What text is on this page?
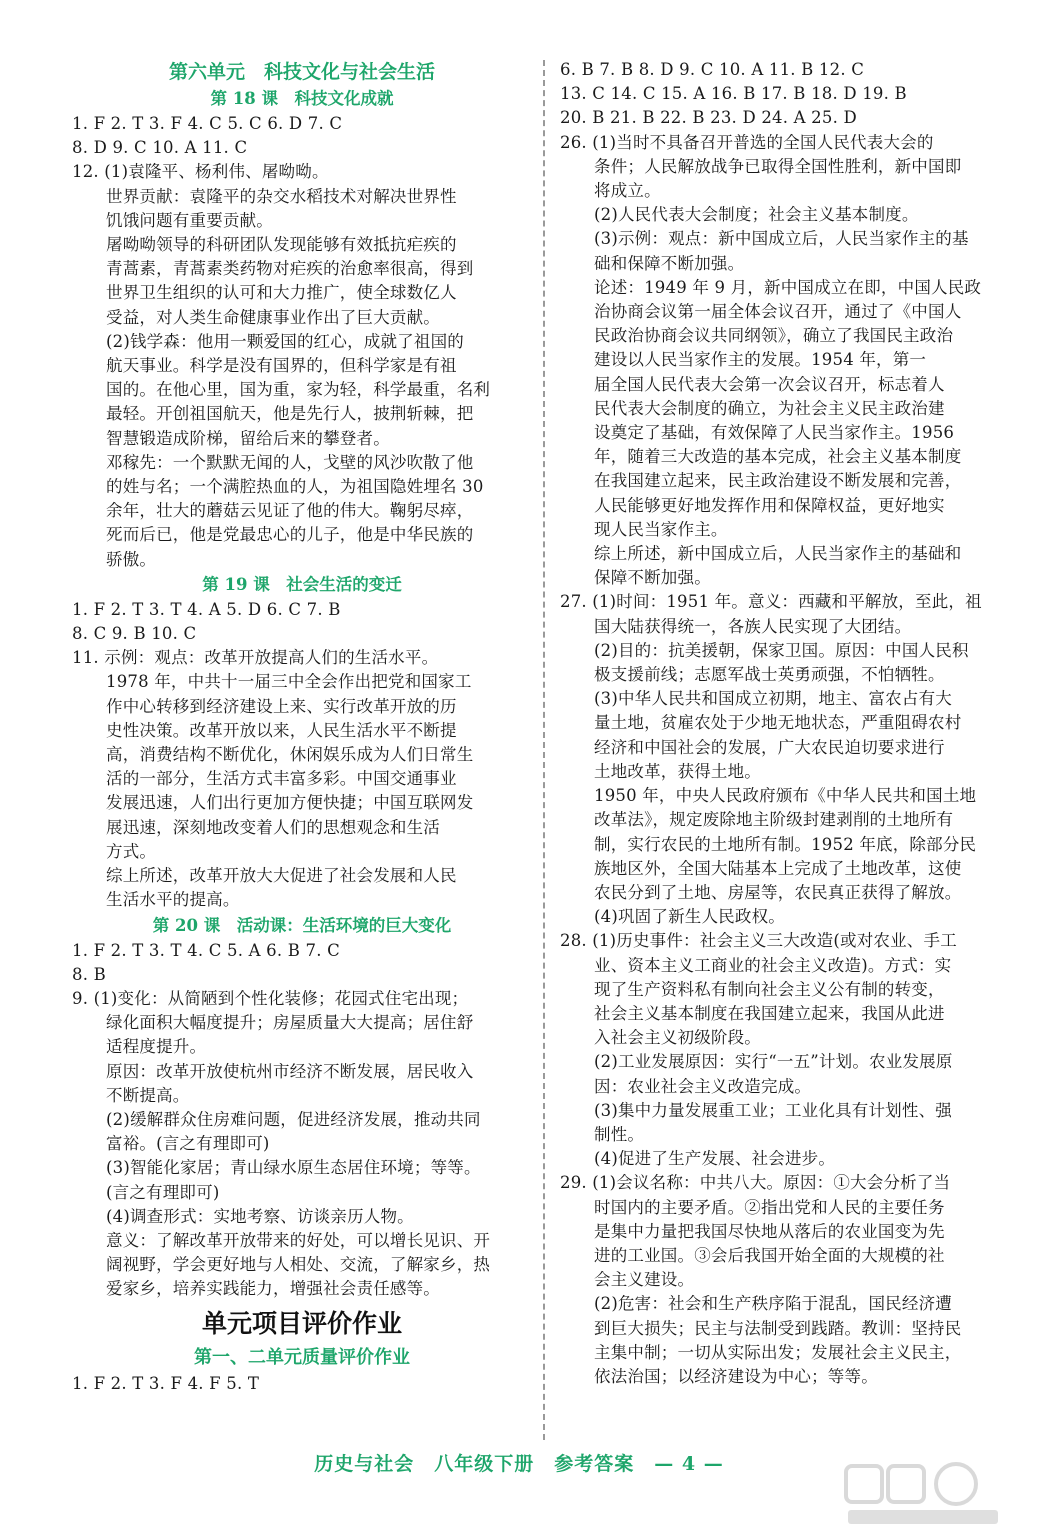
第六单元　科技文化与社会生活
第 18 课　科技文化成就
1. F 2. T 3. F 4. C 5. C 6. D 7. C
8. D 9. C 10. A 11. C
12. (1)袁隆平、杨利伟、屠呦呦。
世界贡献：袁隆平的杂交水稻技术对解决世界性
饥饿问题有重要贡献。
屠呦呦领导的科研团队发现能够有效抵抗疟疾的
青蒿素，青蒿素类药物对疟疾的治愈率很高，得到
世界卫生组织的认可和大力推广，使全球数亿人
受益，对人类生命健康事业作出了巨大贡献。
(2)钱学森：他用一颗爱国的红心，成就了祖国的
航天事业。科学是没有国界的，但科学家是有祖
国的。在他心里，国为重，家为轻，科学最重，名利
最轻。开创祖国航天，他是先行人，披荆斩棘，把
智慧锻造成阶梯，留给后来的攀登者。
邓稼先：一个默默无闻的人，戈壁的风沙吹散了他
的姓与名；一个满腔热血的人，为祖国隐姓埋名 30
余年，壮大的蘑菇云见证了他的伟大。鞠躬尽瘁，
死而后已，他是党最忠心的儿子，他是中华民族的
骄傲。
第 19 课　社会生活的变迁
1. F 2. T 3. T 4. A 5. D 6. C 7. B
8. C 9. B 10. C
11. 示例：观点：改革开放提高人们的生活水平。
1978 年，中共十一届三中全会作出把党和国家工
作中心转移到经济建设上来、实行改革开放的历
史性决策。改革开放以来，人民生活水平不断提
高，消费结构不断优化，休闲娱乐成为人们日常生
活的一部分，生活方式丰富多彩。中国交通事业
发展迅速，人们出行更加方便快捷；中国互联网发
展迅速，深刻地改变着人们的思想观念和生活
方式。
综上所述，改革开放大大促进了社会发展和人民
生活水平的提高。
第 20 课　活动课：生活环境的巨大变化
1. F 2. T 3. T 4. C 5. A 6. B 7. C
8. B
9. (1)变化：从简陋到个性化装修；花园式住宅出现；
绿化面积大幅度提升；房屋质量大大提高；居住舒
适程度提升。
原因：改革开放使杭州市经济不断发展，居民收入
不断提高。
(2)缓解群众住房难问题，促进经济发展，推动共同
富裕。(言之有理即可)
(3)智能化家居；青山绿水原生态居住环境；等等。
(言之有理即可)
(4)调查形式：实地考察、访谈亲历人物。
意义：了解改革开放带来的好处，可以增长见识、开
阔视野，学会更好地与人相处、交流，了解家乡，热
爱家乡，培养实践能力，增强社会责任感等。
单元项目评价作业
第一、二单元质量评价作业
1. F 2. T 3. F 4. F 5. T
6. B 7. B 8. D 9. C 10. A 11. B 12. C
13. C 14. C 15. A 16. B 17. B 18. D 19. B
20. B 21. B 22. B 23. D 24. A 25. D
26. (1)当时不具备召开普选的全国人民代表大会的
条件；人民解放战争已取得全国性胜利，新中国即
将成立。
(2)人民代表大会制度；社会主义基本制度。
(3)示例：观点：新中国成立后，人民当家作主的基
础和保障不断加强。
论述：1949 年 9 月，新中国成立在即，中国人民政
治协商会议第一届全体会议召开，通过了《中国人
民政治协商会议共同纲领》，确立了我国民主政治
建设以人民当家作主的发展。1954 年，第一
届全国人民代表大会第一次会议召开，标志着人
民代表大会制度的确立，为社会主义民主政治建
设奠定了基础，有效保障了人民当家作主。1956
年，随着三大改造的基本完成，社会主义基本制度
在我国建立起来，民主政治建设不断发展和完善，
人民能够更好地发挥作用和保障权益，更好地实
现人民当家作主。
综上所述，新中国成立后，人民当家作主的基础和
保障不断加强。
27. (1)时间：1951 年。意义：西藏和平解放，至此，祖
国大陆获得统一，各族人民实现了大团结。
(2)目的：抗美援朝，保家卫国。原因：中国人民积
极支援前线；志愿军战士英勇顽强，不怕牺牲。
(3)中华人民共和国成立初期，地主、富农占有大
量土地，贫雇农处于少地无地状态，严重阻碍农村
经济和中国社会的发展，广大农民迫切要求进行
土地改革，获得土地。
1950 年，中央人民政府颁布《中华人民共和国土地
改革法》，规定废除地主阶级封建剥削的土地所有
制，实行农民的土地所有制。1952 年底，除部分民
族地区外，全国大陆基本上完成了土地改革，这使
农民分到了土地、房屋等，农民真正获得了解放。
(4)巩固了新生人民政权。
28. (1)历史事件：社会主义三大改造(或对农业、手工
业、资本主义工商业的社会主义改造)。方式：实
现了生产资料私有制向社会主义公有制的转变，
社会主义基本制度在我国建立起来，我国从此进
入社会主义初级阶段。
(2)工业发展原因：实行“一五”计划。农业发展原
因：农业社会主义改造完成。
(3)集中力量发展重工业；工业化具有计划性、强
制性。
(4)促进了生产发展、社会进步。
29. (1)会议名称：中共八大。原因：①大会分析了当
时国内的主要矛盾。②指出党和人民的主要任务
是集中力量把我国尽快地从落后的农业国变为先
进的工业国。③会后我国开始全面的大规模的社
会主义建设。
(2)危害：社会和生产秩序陷于混乱，国民经济遭
到巨大损失；民主与法制受到践踏。教训：坚持民
主集中制；一切从实际出发；发展社会主义民主，
依法治国；以经济建设为中心；等等。
历史与社会　八年级下册　参考答案　— 4 —
